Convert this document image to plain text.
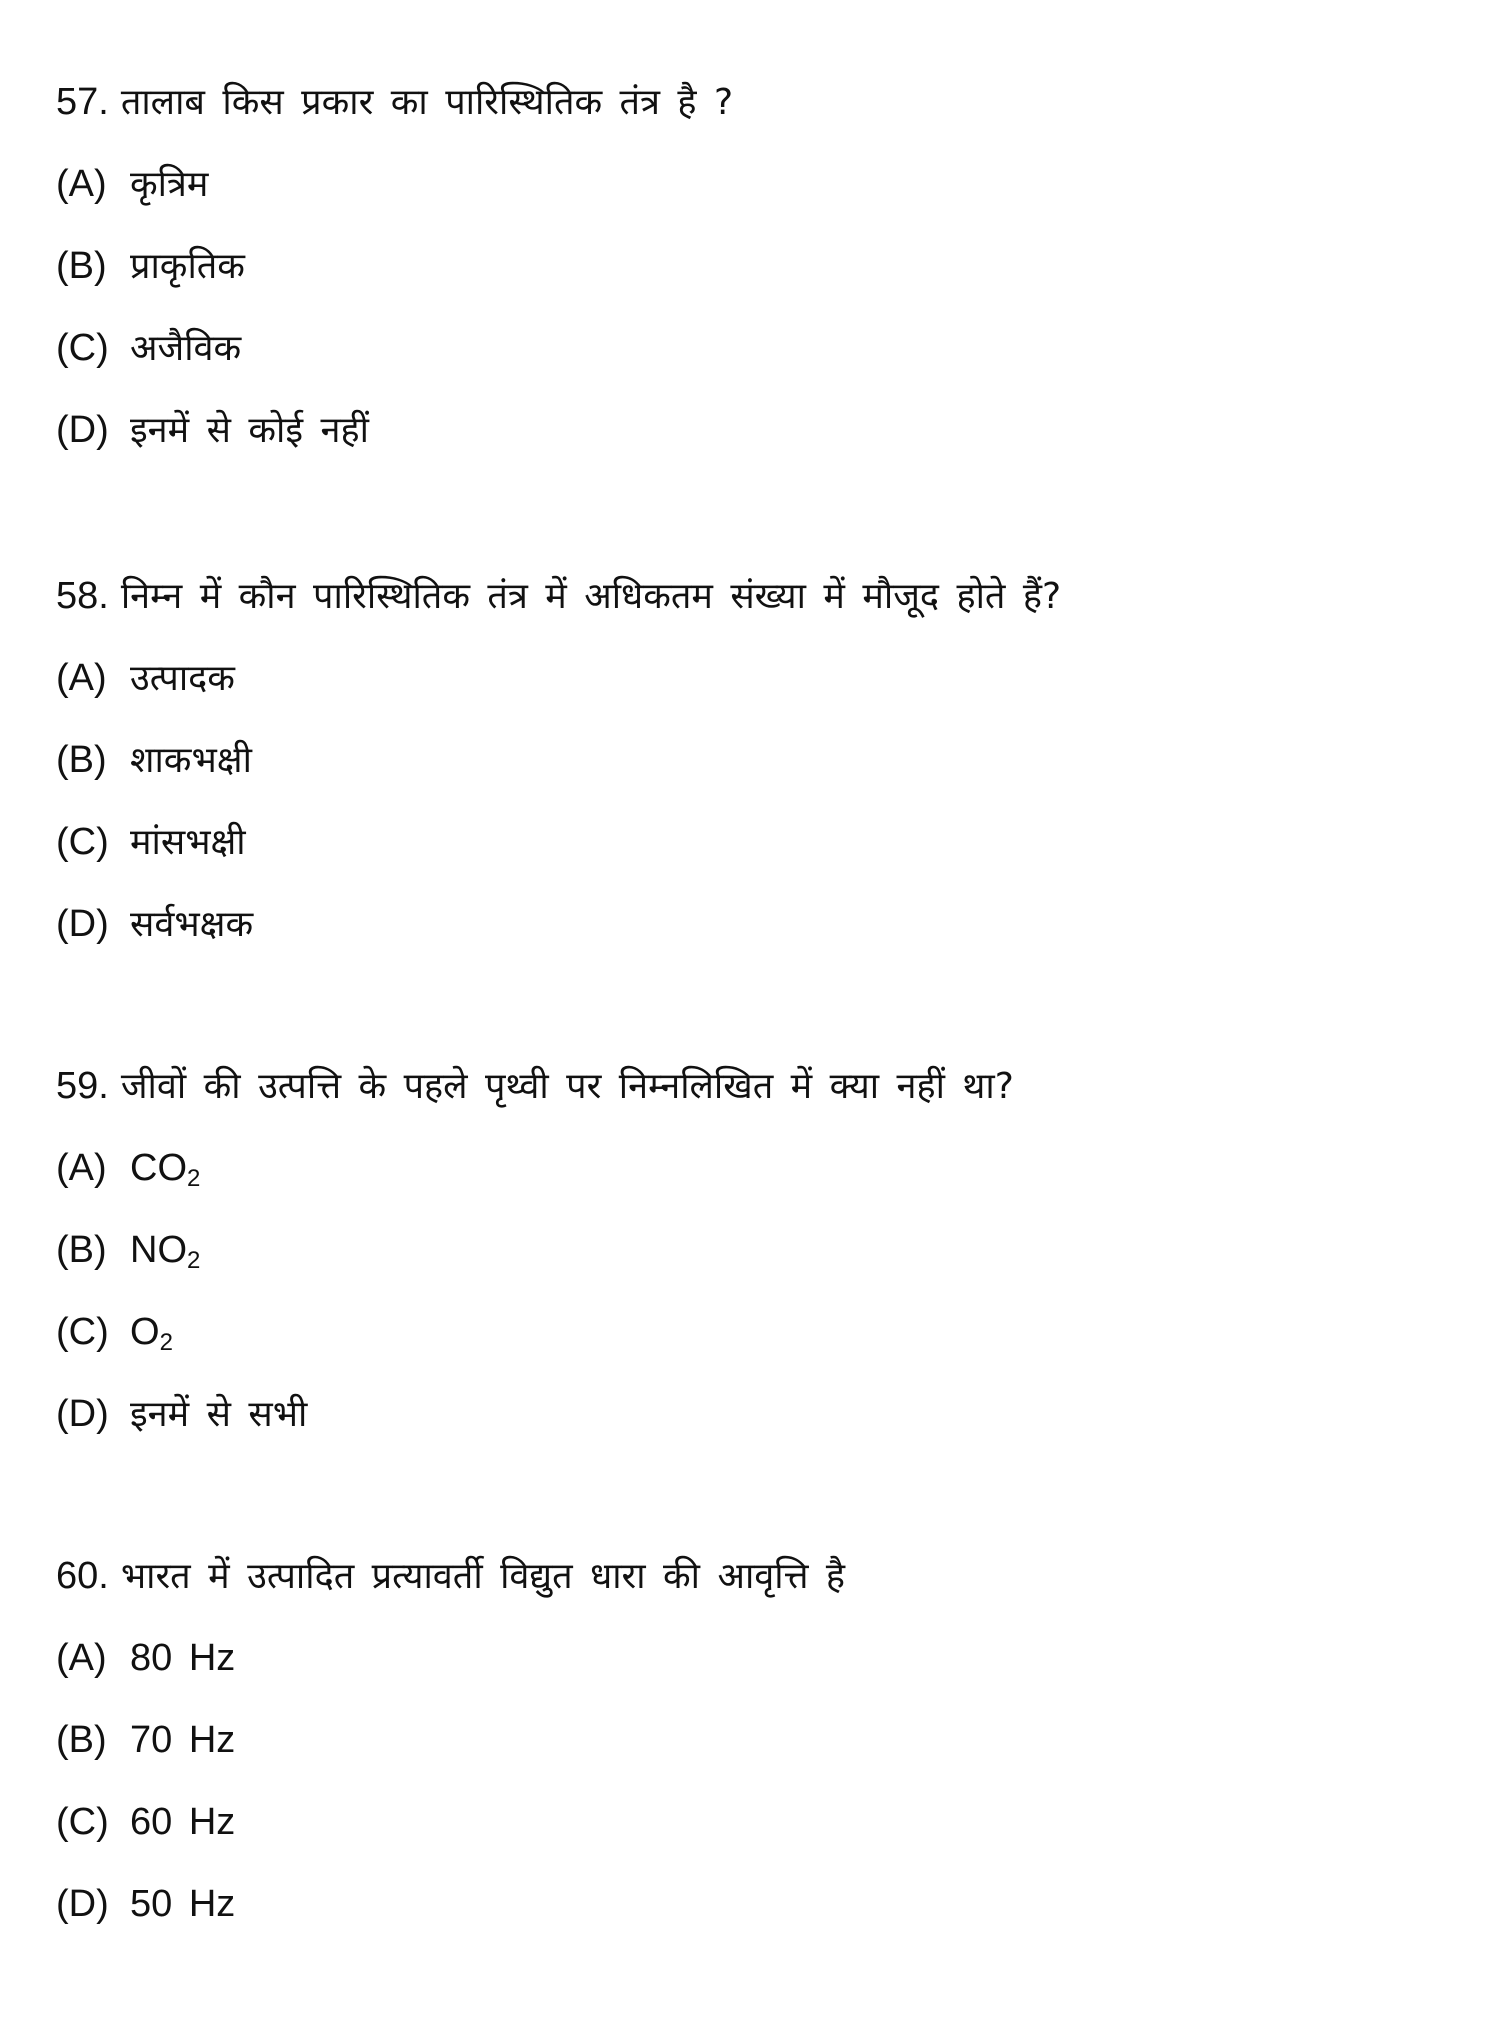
57. तालाब किस प्रकार का पारिस्थितिक तंत्र है ?
(A) कृत्रिम
(B) प्राकृतिक
(C) अजैविक
(D) इनमें से कोई नहीं
58. निम्न में कौन पारिस्थितिक तंत्र में अधिकतम संख्या में मौजूद होते हैं?
(A) उत्पादक
(B) शाकभक्षी
(C) मांसभक्षी
(D) सर्वभक्षक
59. जीवों की उत्पत्ति के पहले पृथ्वी पर निम्नलिखित में क्या नहीं था?
(A) $CO_2$
(B) $NO_2$
(C) $O_2$
(D) इनमें से सभी
60. भारत में उत्पादित प्रत्यावर्ती विद्युत धारा की आवृत्ति है
(A) 80 Hz
(B) 70 Hz
(C) 60 Hz
(D) 50 Hz
